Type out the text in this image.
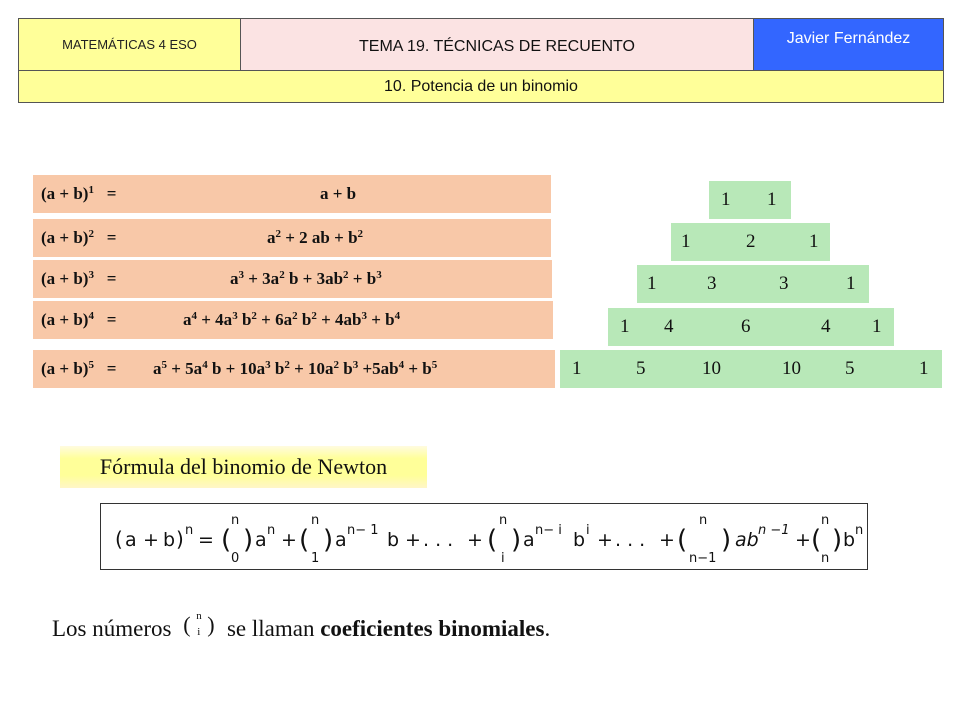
MATEMÁTICAS 4 ESO	TEMA 19. TÉCNICAS DE RECUENTO	Javier Fernández
10. Potencia de un binomio
$(a + b)^1$ =	a + b
$(a + b)^2$ =	$a^2 + 2$ ab + $b^2$
$(a + b)^3$ =	$a^3 + 3a^2$ $b + 3ab^2 + b^3$
$(a + b)^4$ =	$a^4 + 4a^3$ $b^2 + 6a^2$ $b^2 + 4ab^3 + b^4$
$(a + b)^5 = a^5 + 5a^4$ $b + 10a^3$ $b^2 + 10a^2$ $b^3 +5ab^4 + b^5$
1 1
1	2	1
1	3	3	1
1 4	6	4 1
1	5	10	10 5	1
Fórmula del binomio de Newton
( a + b ) n = (
n
0
) a n + (
n
1
) a n− 1 b + . . . + (
n
i
) a n− i b i + . . . + (
n
n−1
) ab n −1 + (
n
n
) b n
Los números ( n
i ) se llaman coeficientes binomiales.
